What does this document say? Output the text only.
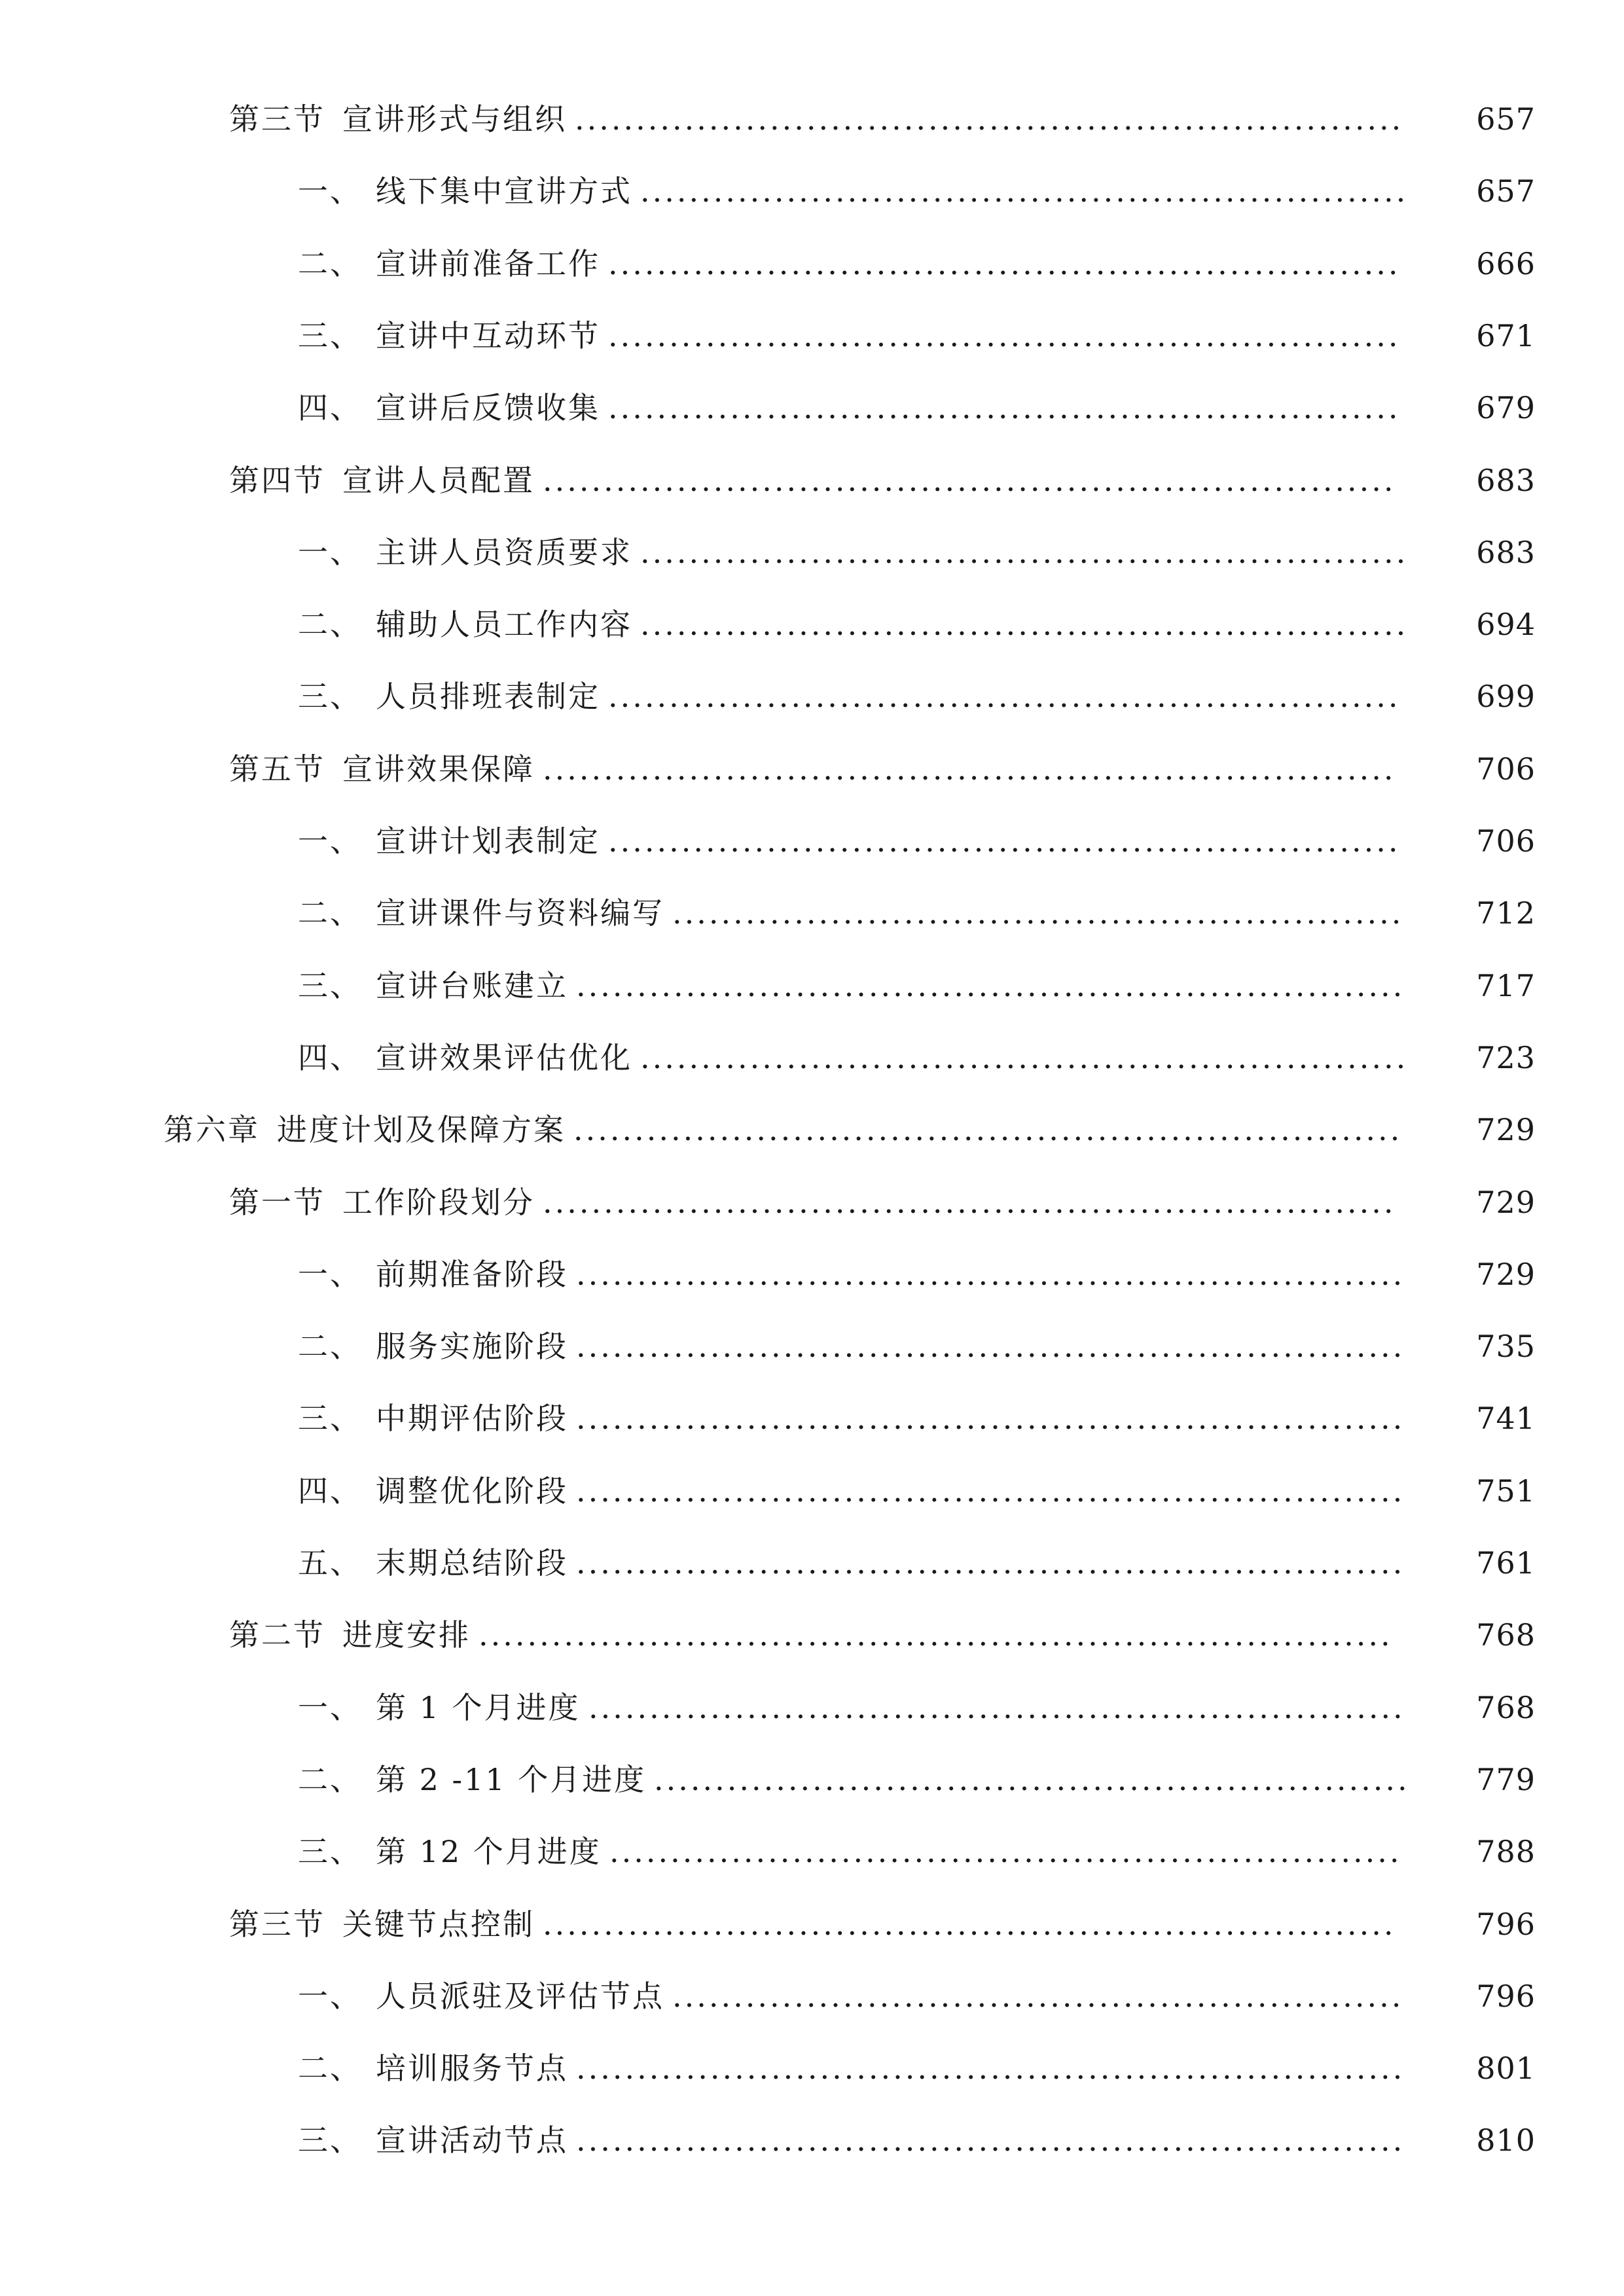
第三节 宣讲形式与组织 ....................................................................	657
一、 线下集中宣讲方式 ...............................................................	657
二、 宣讲前准备工作 .................................................................	666
三、 宣讲中互动环节 .................................................................	671
四、 宣讲后反馈收集 .................................................................	679
第四节 宣讲人员配置 ......................................................................	683
一、 主讲人员资质要求 ...............................................................	683
二、 辅助人员工作内容 ...............................................................	694
三、 人员排班表制定 .................................................................	699
第五节 宣讲效果保障 ......................................................................	706
一、 宣讲计划表制定 .................................................................	706
二、 宣讲课件与资料编写 ............................................................	712
三、 宣讲台账建立 ....................................................................	717
四、 宣讲效果评估优化 ...............................................................	723
第六章 进度计划及保障方案 ....................................................................	729
第一节 工作阶段划分 ......................................................................	729
一、 前期准备阶段 ....................................................................	729
二、 服务实施阶段 ....................................................................	735
三、 中期评估阶段 ....................................................................	741
四、 调整优化阶段 ....................................................................	751
五、 末期总结阶段 ....................................................................	761
第二节 进度安排 ...........................................................................	768
一、 第 1 个月进度 ...................................................................	768
二、 第 2 -11 个月进度 ..............................................................	779
三、 第 12 个月进度 .................................................................	788
第三节 关键节点控制 ......................................................................	796
一、 人员派驻及评估节点 ............................................................	796
二、 培训服务节点 ....................................................................	801
三、 宣讲活动节点 ....................................................................	810
